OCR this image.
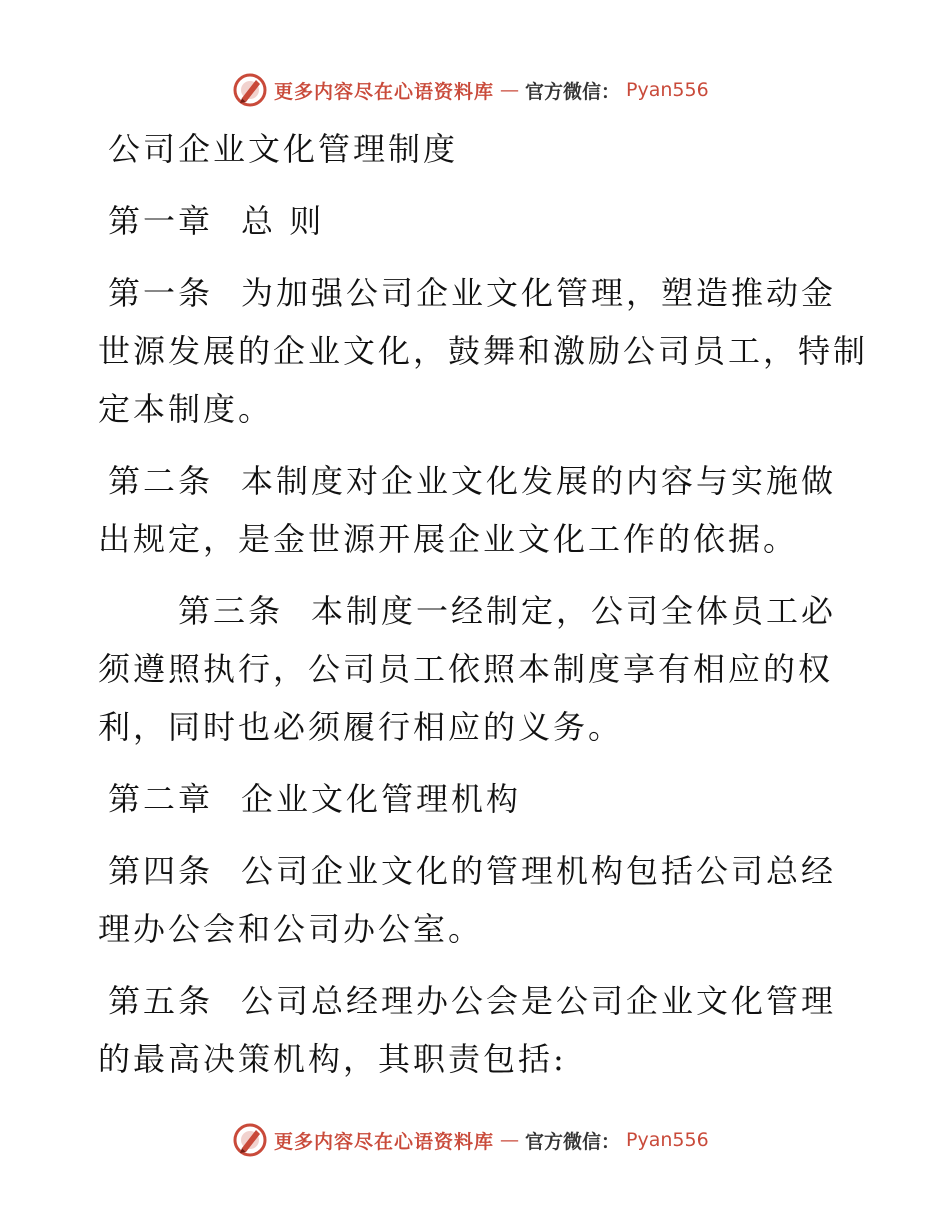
更多内容尽在心语资料库 — 官方微信： Pyan556
公司企业文化管理制度
第一章 总 则
第一条 为加强公司企业文化管理，塑造推动金
世源发展的企业文化，鼓舞和激励公司员工，特制
定本制度。
第二条 本制度对企业文化发展的内容与实施做
出规定，是金世源开展企业文化工作的依据。
第三条 本制度一经制定，公司全体员工必
须遵照执行，公司员工依照本制度享有相应的权
利，同时也必须履行相应的义务。
第二章 企业文化管理机构
第四条 公司企业文化的管理机构包括公司总经
理办公会和公司办公室。
第五条 公司总经理办公会是公司企业文化管理
的最高决策机构，其职责包括:
更多内容尽在心语资料库 — 官方微信： Pyan556
